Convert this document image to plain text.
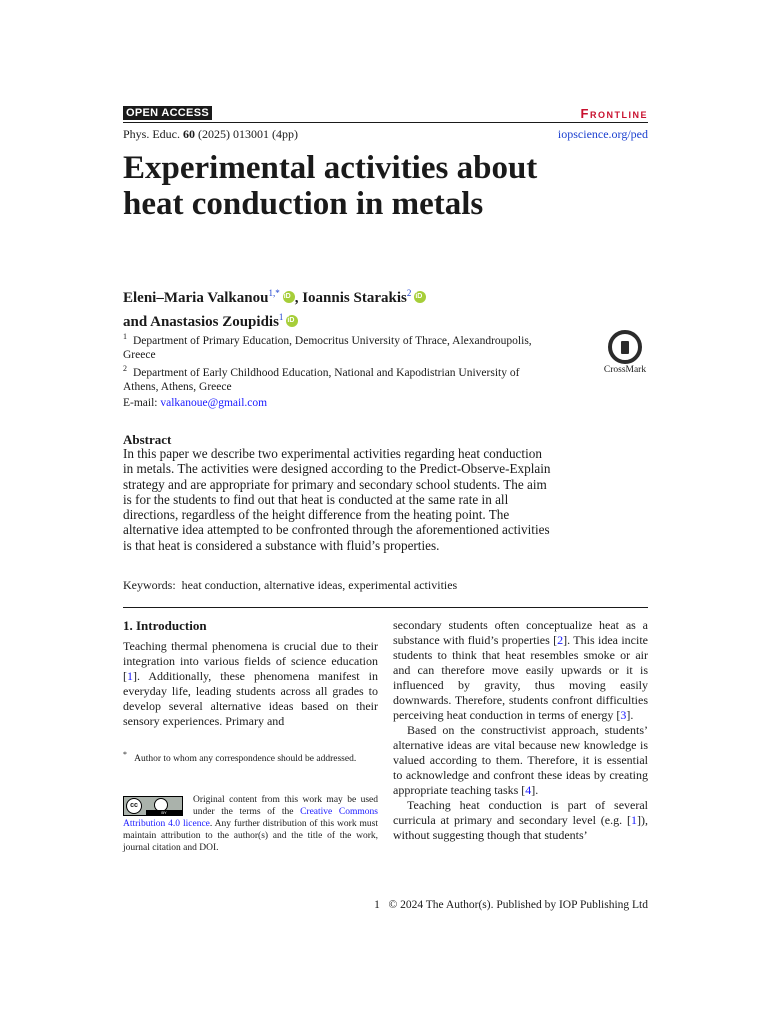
OPEN ACCESS	Frontline
Phys. Educ. 60 (2025) 013001 (4pp)	iopscience.org/ped
Experimental activities about heat conduction in metals
Eleni–Maria Valkanou$^{1,*}$iD , Ioannis Starakis$^2$iD
and Anastasios Zoupidis$^1$iD
$^1$ Department of Primary Education, Democritus University of Thrace, Alexandroupolis, Greece
$^2$ Department of Early Childhood Education, National and Kapodistrian University of Athens, Athens, Greece
CrossMark
E-mail: valkanoue@gmail.com
Abstract
In this paper we describe two experimental activities regarding heat conduction in metals. The activities were designed according to the Predict-Observe-Explain strategy and are appropriate for primary and secondary school students. The aim is for the students to find out that heat is conducted at the same rate in all directions, regardless of the height difference from the heating point. The alternative idea attempted to be confronted through the aforementioned activities is that heat is considered a substance with fluid’s properties.
Keywords: heat conduction, alternative ideas, experimental activities
1. Introduction

Teaching thermal phenomena is crucial due to their integration into various fields of science education [1]. Additionally, these phenomena manifest in everyday life, leading students across all grades to develop several alternative ideas based on their sensory experiences. Primary and

secondary students often conceptualize heat as a substance with fluid’s properties [2]. This idea incite students to think that heat resembles smoke or air and can therefore move easily upwards or it is influenced by gravity, thus moving easily downwards. Therefore, students confront difficulties perceiving heat conduction in terms of energy [3].

Based on the constructivist approach, students’ alternative ideas are vital because new knowledge is valued according to them. Therefore, it is essential to acknowledge and confront these ideas by creating appropriate teaching tasks [4].

Teaching heat conduction is part of several curricula at primary and secondary level (e.g. [1]), without suggesting though that students’

* Author to whom any correspondence should be addressed.
cc
BY
Original content from this work may be used under the terms of the Creative Commons Attribution 4.0 licence. Any further distribution of this work must maintain attribution to the author(s) and the title of the work, journal citation and DOI.
1 © 2024 The Author(s). Published by IOP Publishing Ltd
